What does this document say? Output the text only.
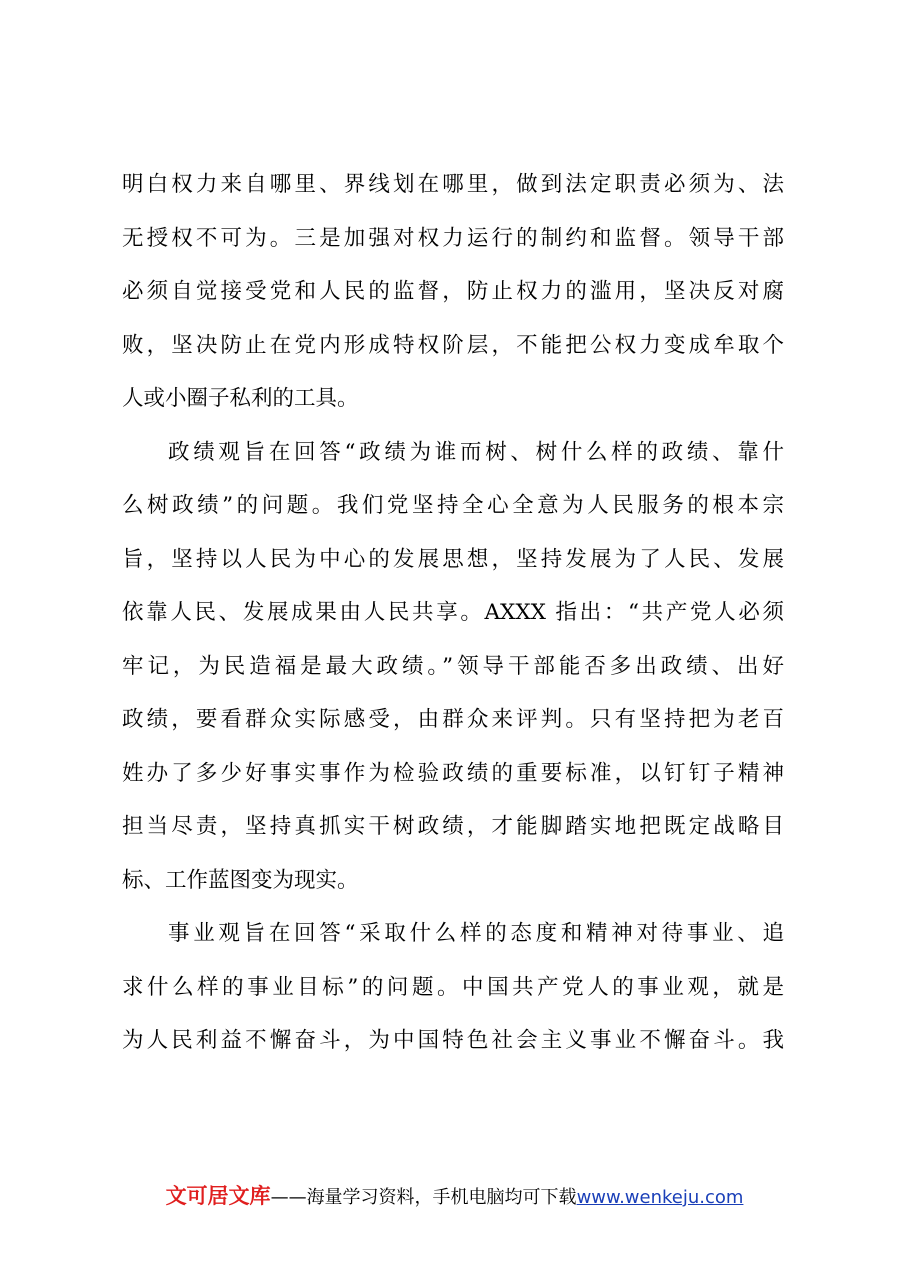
明白权力来自哪里、界线划在哪里，做到法定职责必须为、法
无授权不可为。三是加强对权力运行的制约和监督。领导干部
必须自觉接受党和人民的监督，防止权力的滥用，坚决反对腐
败，坚决防止在党内形成特权阶层，不能把公权力变成牟取个
人或小圈子私利的工具。
政绩观旨在回答“政绩为谁而树、树什么样的政绩、靠什
么树政绩”的问题。我们党坚持全心全意为人民服务的根本宗
旨，坚持以人民为中心的发展思想，坚持发展为了人民、发展
依靠人民、发展成果由人民共享。AXXX 指出：“共产党人必须
牢记，为民造福是最大政绩。”领导干部能否多出政绩、出好
政绩，要看群众实际感受，由群众来评判。只有坚持把为老百
姓办了多少好事实事作为检验政绩的重要标准，以钉钉子精神
担当尽责，坚持真抓实干树政绩，才能脚踏实地把既定战略目
标、工作蓝图变为现实。
事业观旨在回答“采取什么样的态度和精神对待事业、追
求什么样的事业目标”的问题。中国共产党人的事业观，就是
为人民利益不懈奋斗，为中国特色社会主义事业不懈奋斗。我
文可居文库——海量学习资料，手机电脑均可下载www.wenkeju.com
